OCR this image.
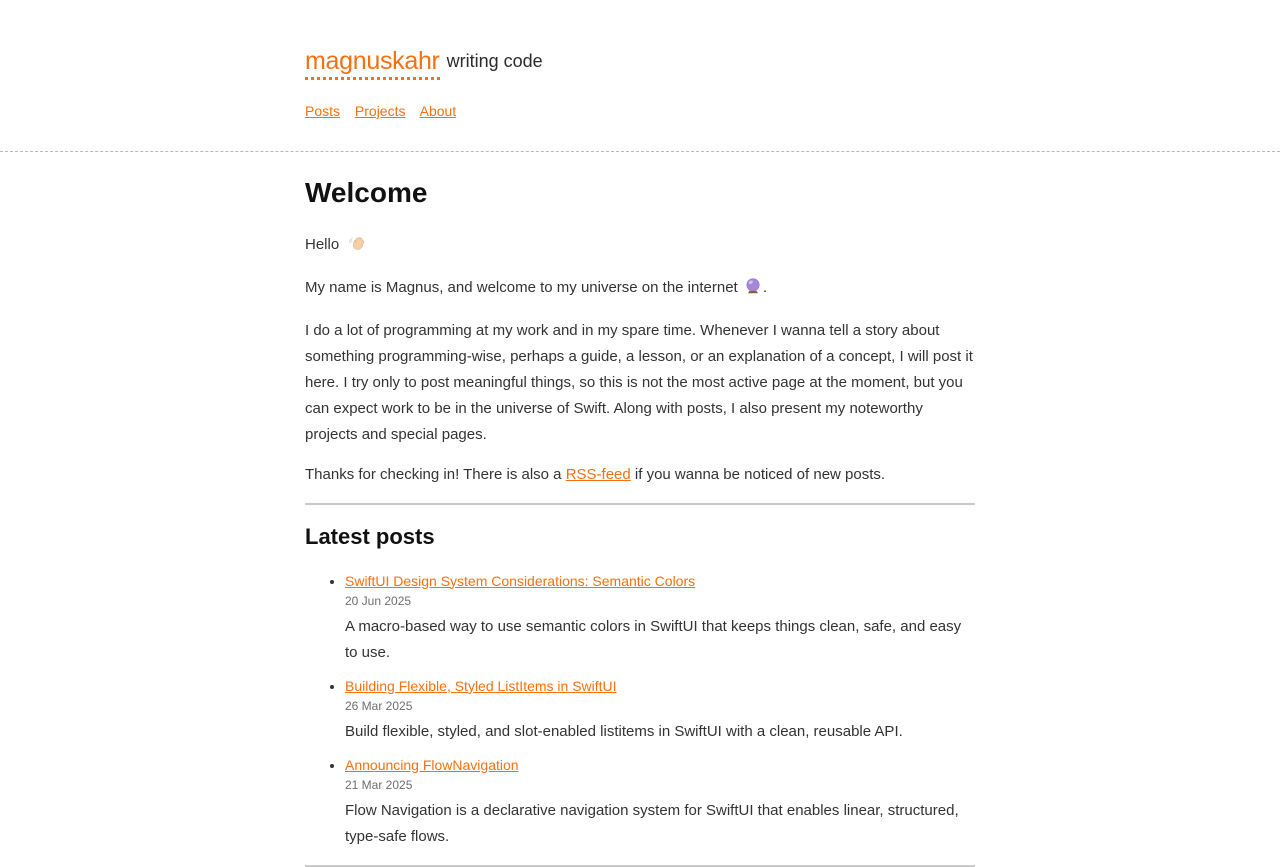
magnuskahr writing code
Posts Projects About
Welcome

Hello

My name is Magnus, and welcome to my universe on the internet .

I do a lot of programming at my work and in my spare time. Whenever I wanna tell a story about something programming-wise, perhaps a guide, a lesson, or an explanation of a concept, I will post it here. I try only to post meaningful things, so this is not the most active page at the moment, but you can expect work to be in the universe of Swift. Along with posts, I also present my noteworthy projects and special pages.

Thanks for checking in! There is also a RSS-feed if you wanna be noticed of new posts.

Latest posts
• SwiftUI Design System Considerations: Semantic Colors
20 Jun 2025

A macro-based way to use semantic colors in SwiftUI that keeps things clean, safe, and easy to use.

• Building Flexible, Styled ListItems in SwiftUI
26 Mar 2025

Build flexible, styled, and slot-enabled listitems in SwiftUI with a clean, reusable API.

• Announcing FlowNavigation
21 Mar 2025

Flow Navigation is a declarative navigation system for SwiftUI that enables linear, structured, type-safe flows.
